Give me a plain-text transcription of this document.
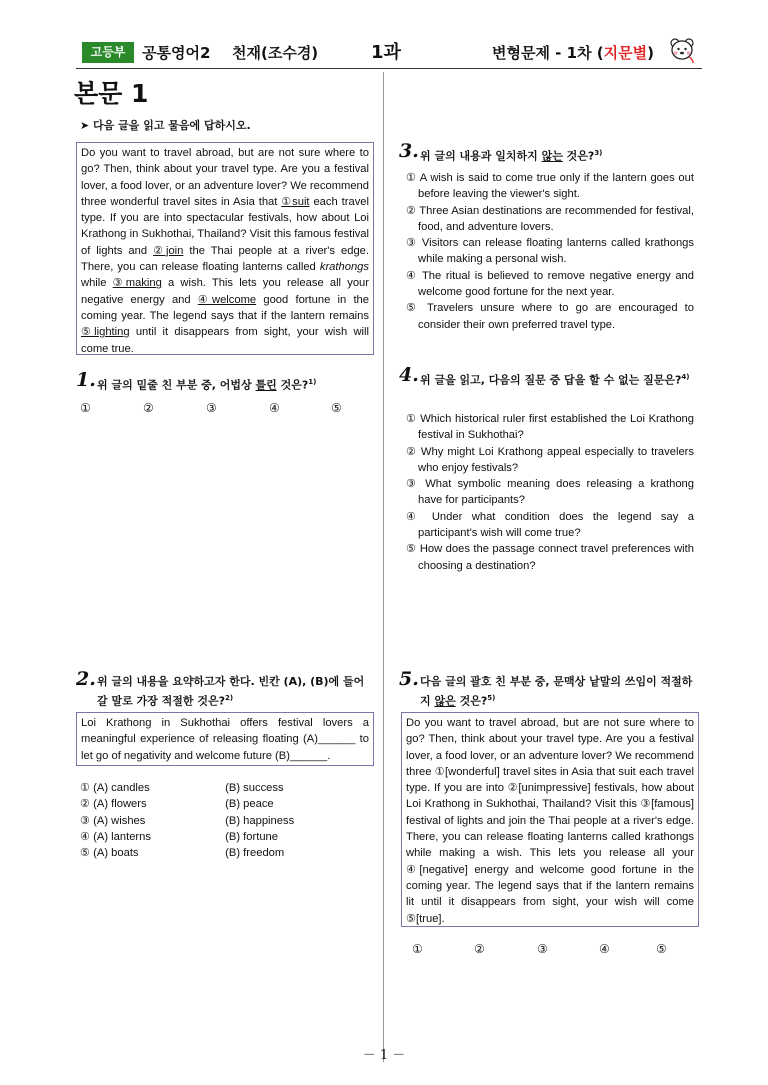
고등부	공통영어2 천재(조수경)	1과	변형문제 - 1차 (지문별)
본문 1
➤ 다음 글을 읽고 물음에 답하시오.
Do you want to travel abroad, but are not sure where to go? Then, think about your travel type. Are you a festival lover, a food lover, or an adventure lover? We recommend three wonderful travel sites in Asia that ①suit each travel type. If you are into spectacular festivals, how about Loi Krathong in Sukhothai, Thailand? Visit this famous festival of lights and ②join the Thai people at a river's edge. There, you can release floating lanterns called krathongs while ③making a wish. This lets you release all your negative energy and ④welcome good fortune in the coming year. The legend says that if the lantern remains ⑤lighting until it disappears from sight, your wish will come true.
1. 위 글의 밑줄 친 부분 중, 어법상 틀린 것은?$^{1)}$
①	②	③	④	⑤
2. 위 글의 내용을 요약하고자 한다. 빈칸 (A), (B)에 들어갈 말로 가장 적절한 것은?$^{2)}$
Loi Krathong in Sukhothai offers festival lovers a meaningful experience of releasing floating (A)______ to let go of negativity and welcome future (B)______.
① (A) candles	(B) success
② (A) flowers	(B) peace
③ (A) wishes	(B) happiness
④ (A) lanterns	(B) fortune
⑤ (A) boats	(B) freedom
3. 위 글의 내용과 일치하지 않는 것은?$^{3)}$
① A wish is said to come true only if the lantern goes out before leaving the viewer's sight.
② Three Asian destinations are recommended for festival, food, and adventure lovers.
③ Visitors can release floating lanterns called krathongs while making a personal wish.
④ The ritual is believed to remove negative energy and welcome good fortune for the next year.
⑤ Travelers unsure where to go are encouraged to consider their own preferred travel type.
4. 위 글을 읽고, 다음의 질문 중 답을 할 수 없는 질문은?$^{4)}$
① Which historical ruler first established the Loi Krathong festival in Sukhothai?
② Why might Loi Krathong appeal especially to travelers who enjoy festivals?
③ What symbolic meaning does releasing a krathong have for participants?
④ Under what condition does the legend say a participant's wish will come true?
⑤ How does the passage connect travel preferences with choosing a destination?
5. 다음 글의 괄호 친 부분 중, 문맥상 낱말의 쓰임이 적절하지 않은 것은?$^{5)}$
Do you want to travel abroad, but are not sure where to go? Then, think about your travel type. Are you a festival lover, a food lover, or an adventure lover? We recommend three ①[wonderful] travel sites in Asia that suit each travel type. If you are into ②[unimpressive] festivals, how about Loi Krathong in Sukhothai, Thailand? Visit this ③[famous] festival of lights and join the Thai people at a river's edge. There, you can release floating lanterns called krathongs while making a wish. This lets you release all your ④[negative] energy and welcome good fortune in the coming year. The legend says that if the lantern remains lit until it disappears from sight, your wish will come ⑤[true].
①	②	③	④	⑤
－ 1 －
